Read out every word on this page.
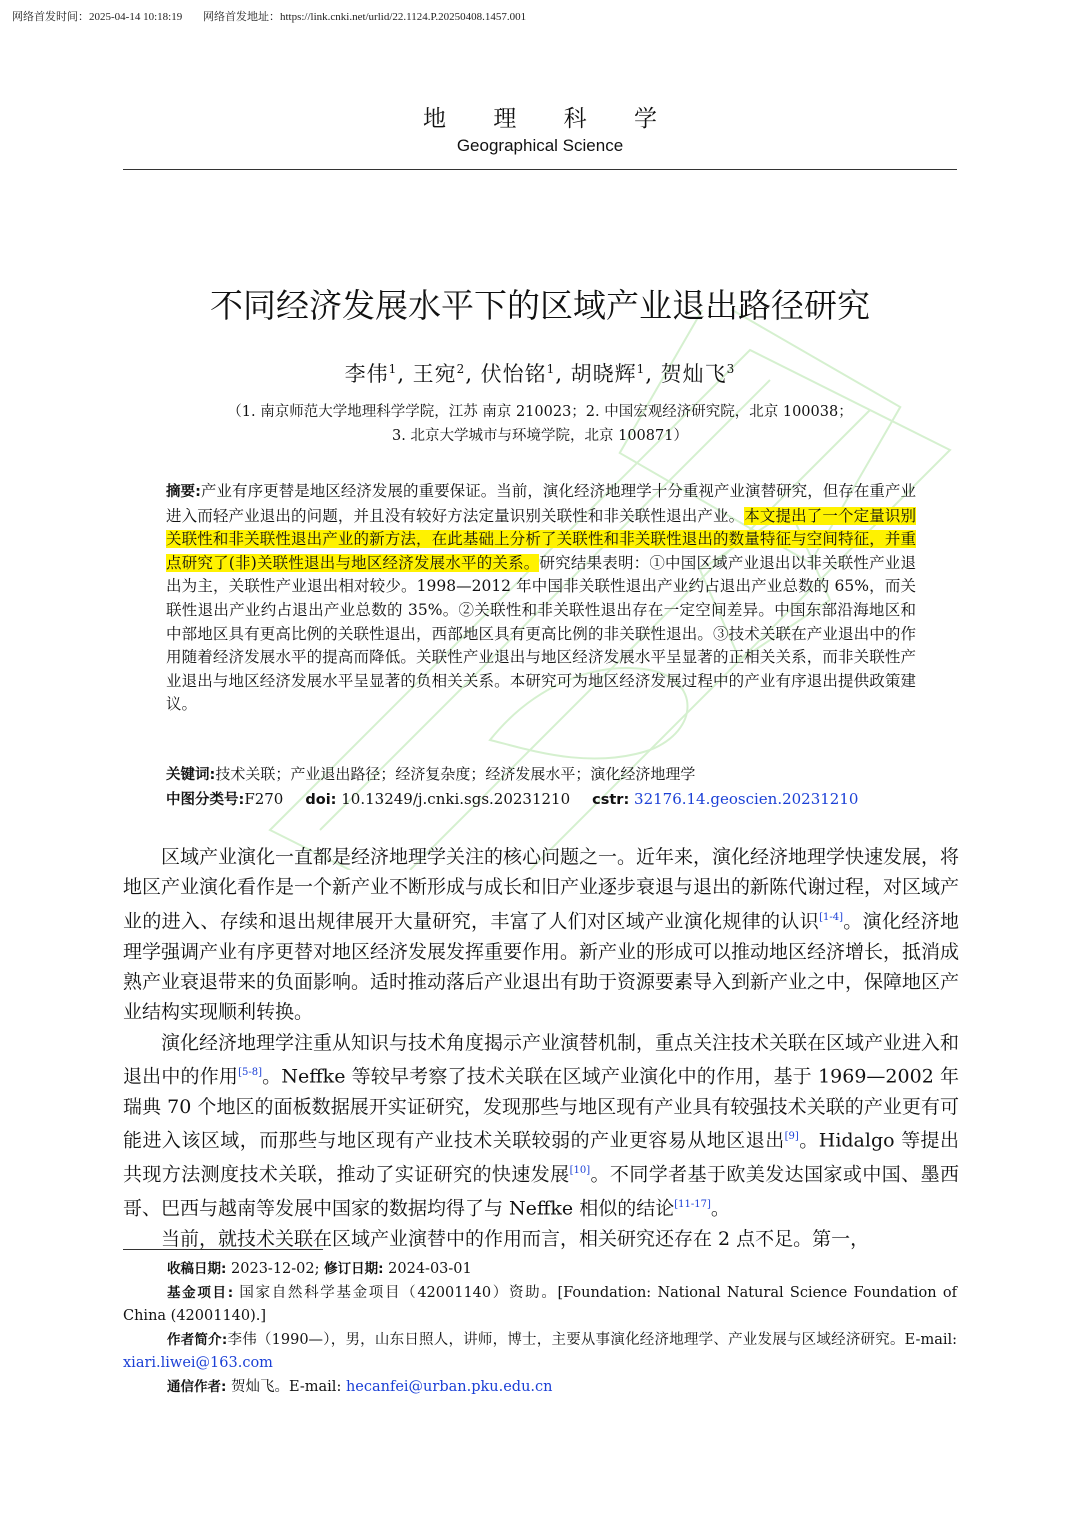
网络首发时间：2025-04-14 10:18:19 网络首发地址：https://link.cnki.net/urlid/22.1124.P.20250408.1457.001
地 理 科 学
Geographical Science
不同经济发展水平下的区域产业退出路径研究
李伟$^1$, 王宛$^2$, 伏怡铭$^1$, 胡晓辉$^1$, 贺灿飞$^3$
（1. 南京师范大学地理科学学院，江苏 南京 210023；2. 中国宏观经济研究院，北京 100038；
3. 北京大学城市与环境学院，北京 100871）

摘要:产业有序更替是地区经济发展的重要保证。当前，演化经济地理学十分重视产业演替研究，但存在重产业进入而轻产业退出的问题，并且没有较好方法定量识别关联性和非关联性退出产业。本文提出了一个定量识别关联性和非关联性退出产业的新方法，在此基础上分析了关联性和非关联性退出的数量特征与空间特征，并重点研究了(非)关联性退出与地区经济发展水平的关系。研究结果表明：①中国区域产业退出以非关联性产业退出为主，关联性产业退出相对较少。1998—2012 年中国非关联性退出产业约占退出产业总数的 65%，而关联性退出产业约占退出产业总数的 35%。②关联性和非关联性退出存在一定空间差异。中国东部沿海地区和中部地区具有更高比例的关联性退出，西部地区具有更高比例的非关联性退出。③技术关联在产业退出中的作用随着经济发展水平的提高而降低。关联性产业退出与地区经济发展水平呈显著的正相关关系，而非关联性产业退出与地区经济发展水平呈显著的负相关关系。本研究可为地区经济发展过程中的产业有序退出提供政策建议。

关键词:技术关联；产业退出路径；经济复杂度；经济发展水平；演化经济地理学
中图分类号:F270 doi: 10.13249/j.cnki.sgs.20231210 cstr: 32176.14.geoscien.20231210

区域产业演化一直都是经济地理学关注的核心问题之一。近年来，演化经济地理学快速发展，将地区产业演化看作是一个新产业不断形成与成长和旧产业逐步衰退与退出的新陈代谢过程，对区域产业的进入、存续和退出规律展开大量研究，丰富了人们对区域产业演化规律的认识[1-4]。演化经济地理学强调产业有序更替对地区经济发展发挥重要作用。新产业的形成可以推动地区经济增长，抵消成熟产业衰退带来的负面影响。适时推动落后产业退出有助于资源要素导入到新产业之中，保障地区产业结构实现顺利转换。

演化经济地理学注重从知识与技术角度揭示产业演替机制，重点关注技术关联在区域产业进入和退出中的作用[5-8]。Neffke 等较早考察了技术关联在区域产业演化中的作用，基于 1969—2002 年瑞典 70 个地区的面板数据展开实证研究，发现那些与地区现有产业具有较强技术关联的产业更有可能进入该区域，而那些与地区现有产业技术关联较弱的产业更容易从地区退出[9]。Hidalgo 等提出共现方法测度技术关联，推动了实证研究的快速发展[10]。不同学者基于欧美发达国家或中国、墨西哥、巴西与越南等发展中国家的数据均得了与 Neffke 相似的结论[11-17]。

当前，就技术关联在区域产业演替中的作用而言，相关研究还存在 2 点不足。第一，

收稿日期: 2023-12-02; 修订日期: 2024-03-01

基金项目: 国家自然科学基金项目（42001140）资助。[Foundation: National Natural Science Foundation of China (42001140).]

作者简介:李伟（1990—），男，山东日照人，讲师，博士，主要从事演化经济地理学、产业发展与区域经济研究。E-mail: xiari.liwei@163.com

通信作者: 贺灿飞。E-mail: hecanfei@urban.pku.edu.cn
